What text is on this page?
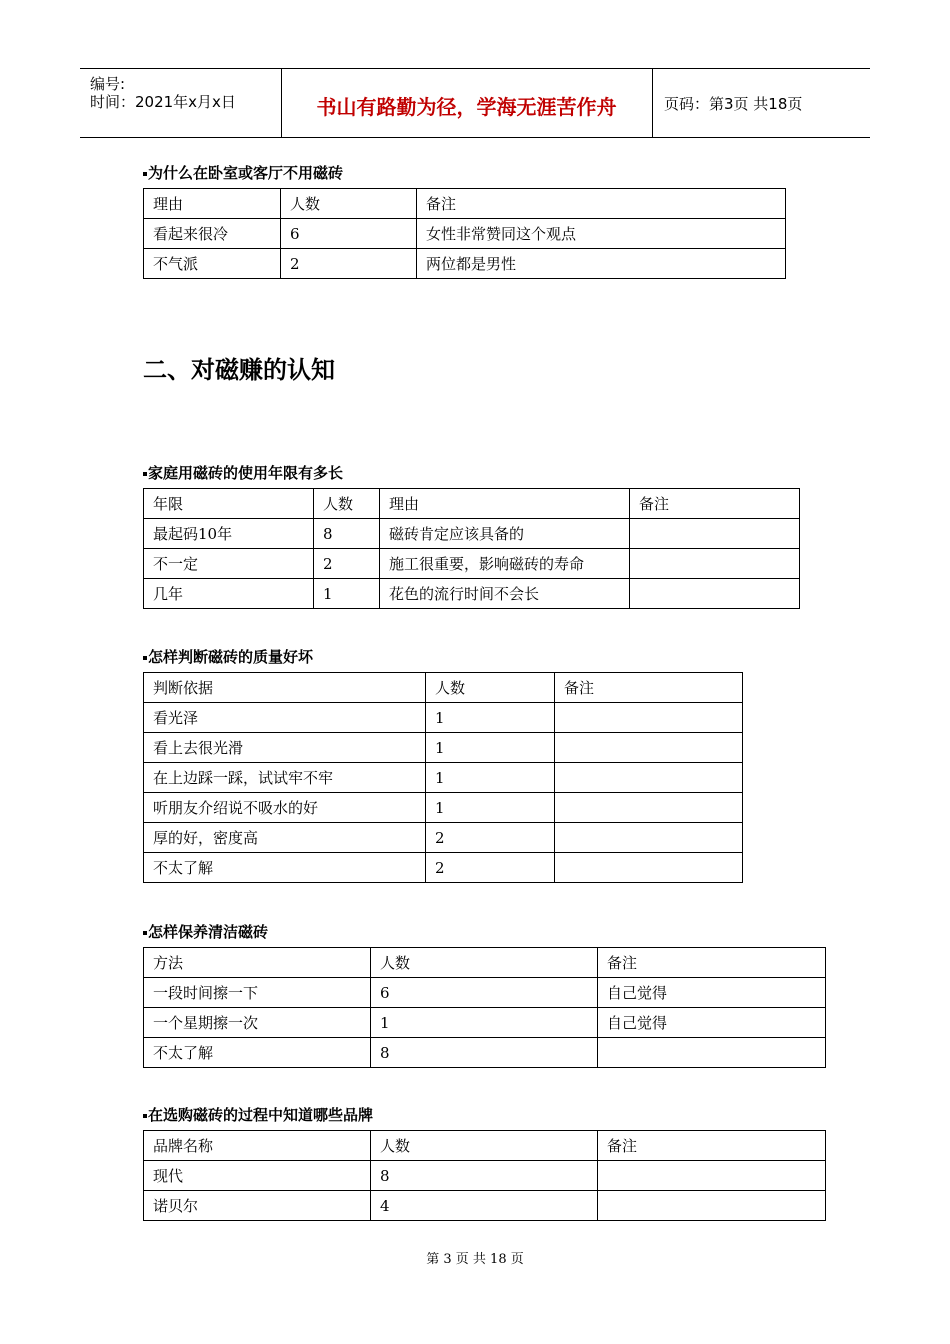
编号:
时间：2021年x月x日	书山有路勤为径，学海无涯苦作舟	页码：第3页 共18页
为什么在卧室或客厅不用磁砖
理由	人数	备注
看起来很冷	6	女性非常赞同这个观点
不气派	2	两位都是男性
二、对磁赚的认知
家庭用磁砖的使用年限有多长
年限	人数	理由	备注
最起码10年	8	磁砖肯定应该具备的	
不一定	2	施工很重要，影响磁砖的寿命	
几年	1	花色的流行时间不会长	
怎样判断磁砖的质量好坏
判断依据	人数	备注
看光泽	1	
看上去很光滑	1	
在上边踩一踩，试试牢不牢	1	
听朋友介绍说不吸水的好	1	
厚的好，密度高	2	
不太了解	2	
怎样保养清洁磁砖
方法	人数	备注
一段时间擦一下	6	自己觉得
一个星期擦一次	1	自己觉得
不太了解	8	
在选购磁砖的过程中知道哪些品牌
品牌名称	人数	备注
现代	8	
诺贝尔	4	
第 3 页 共 18 页
